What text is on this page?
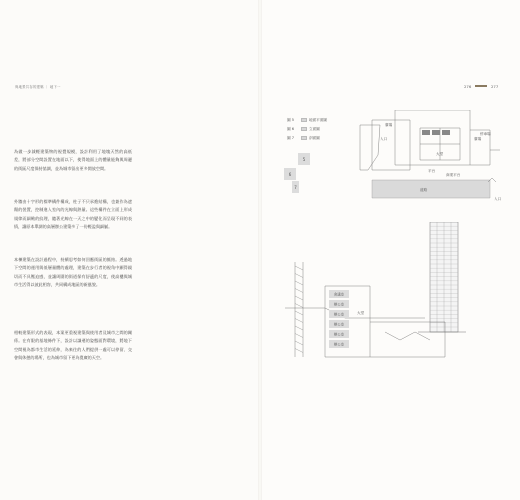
與地景共存的建築 ｜ 地下一	276	277

為做一步減輕建築物的視覺規模，設計利用了地塊天然的高低差，將部分空間設置在地面以下，使得地面上的體量能夠與周邊的街區尺度保持協調，並為城市留出更多開放空間。

外牆由十字形的標準構件構成，柱子不只承擔結構，也兼作為遮陽的裝置，控制進入室內的光線與熱量。這些構件在立面上形成規律而細緻的紋理，隨著光線在一天之中的變化而呈現不同的表情，讓原本單調的高層辦公建築多了一份輕盈與細膩。

本棟建築在設計過程中，持續思考如何回應街區的脈絡。透過地下空間的運用與低層量體的處理，建築在步行者的視角中顯得親切而不具壓迫感，並讓周圍的街道保有舒適的尺度，使高樓與城市生活得以彼此相容，共同構成地區的新風貌。

相較建築形式的表現，本案更重視建築與使用者及城市之間的關係。在有限的基地條件下，設計以謙遜的姿態面對環境，將地下空間視為都市生活的延伸，為來往的人們提供一處可以停留、交會與休憩的場所，也為城市留下更為寬廣的天空。

圖 5	地面平面圖
圖 6	立面圖
圖 7	剖面圖
5
6
7
入口
入口
大堂
廣場
廣場
停車場
平台
商業平台
道路
會議室
辦公室
辦公室
辦公室
辦公室
辦公室
大堂
